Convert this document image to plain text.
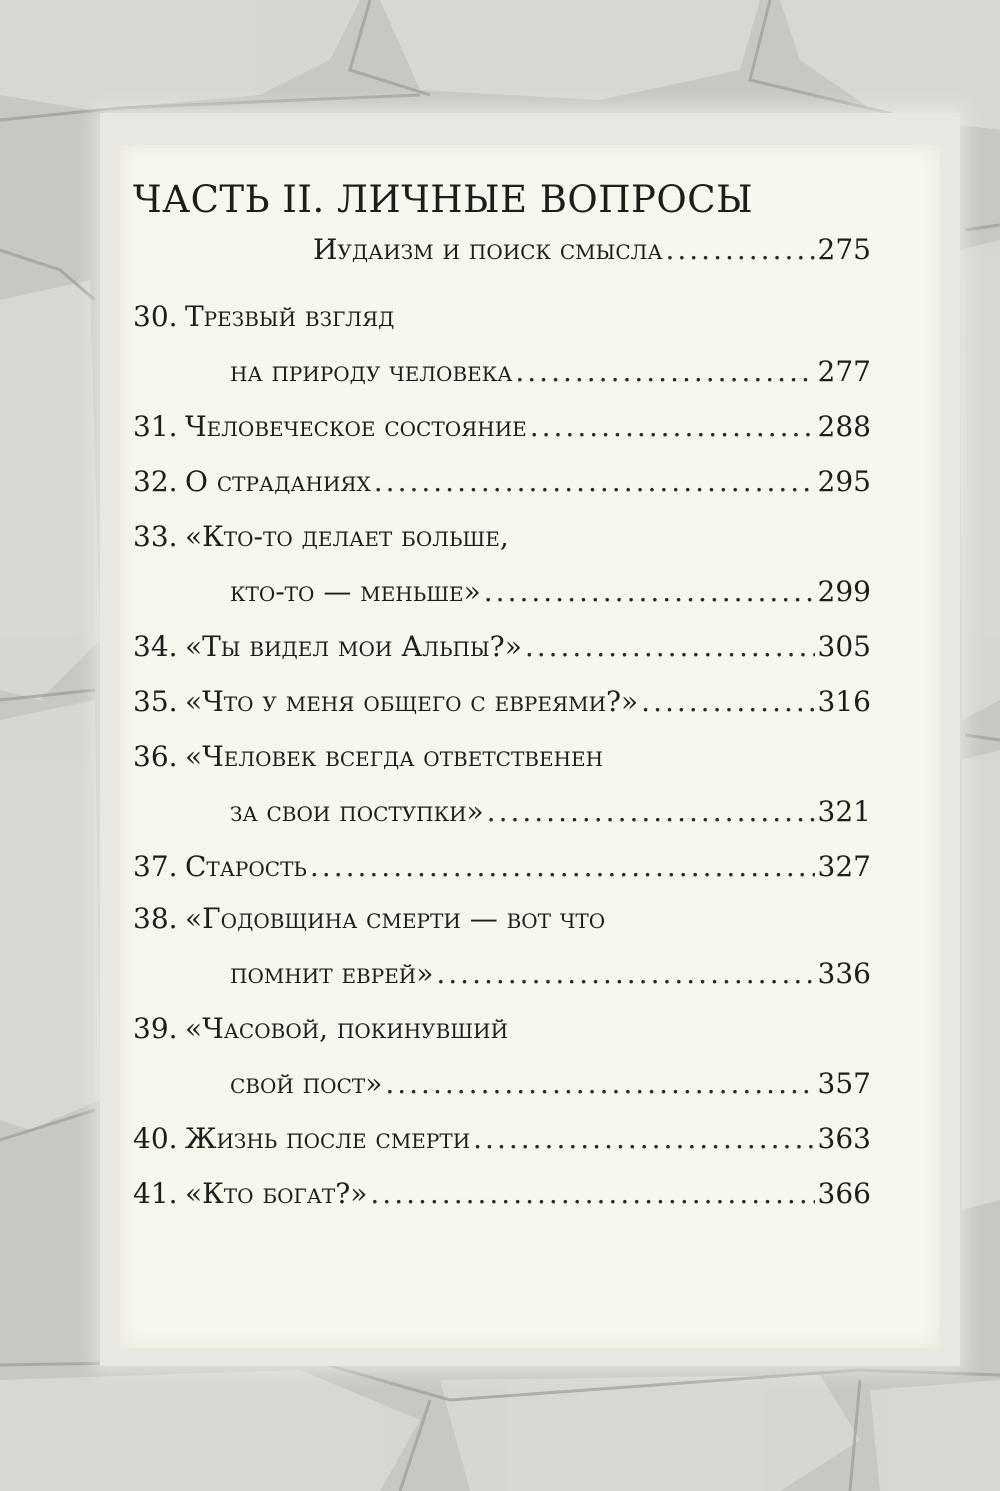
ЧАСТЬ II. ЛИЧНЫЕ ВОПРОСЫ
Иудаизм и поиск смысла .....	275
30. Трезвый взгляд
на природу человека .....	277
31. Человеческое состояние .....	288
32. О страданиях .....	295
33. «Кто-то делает больше,
кто-то — меньше» .....	299
34. «Ты видел мои Альпы?» .....	305
35. «Что у меня общего с евреями?» .....	316
36. «Человек всегда ответственен
за свои поступки» .....	321
37. Старость .....	327
38. «Годовщина смерти — вот что
помнит еврей» .....	336
39. «Часовой, покинувший
свой пост» .....	357
40. Жизнь после смерти .....	363
41. «Кто богат?» .....	366
